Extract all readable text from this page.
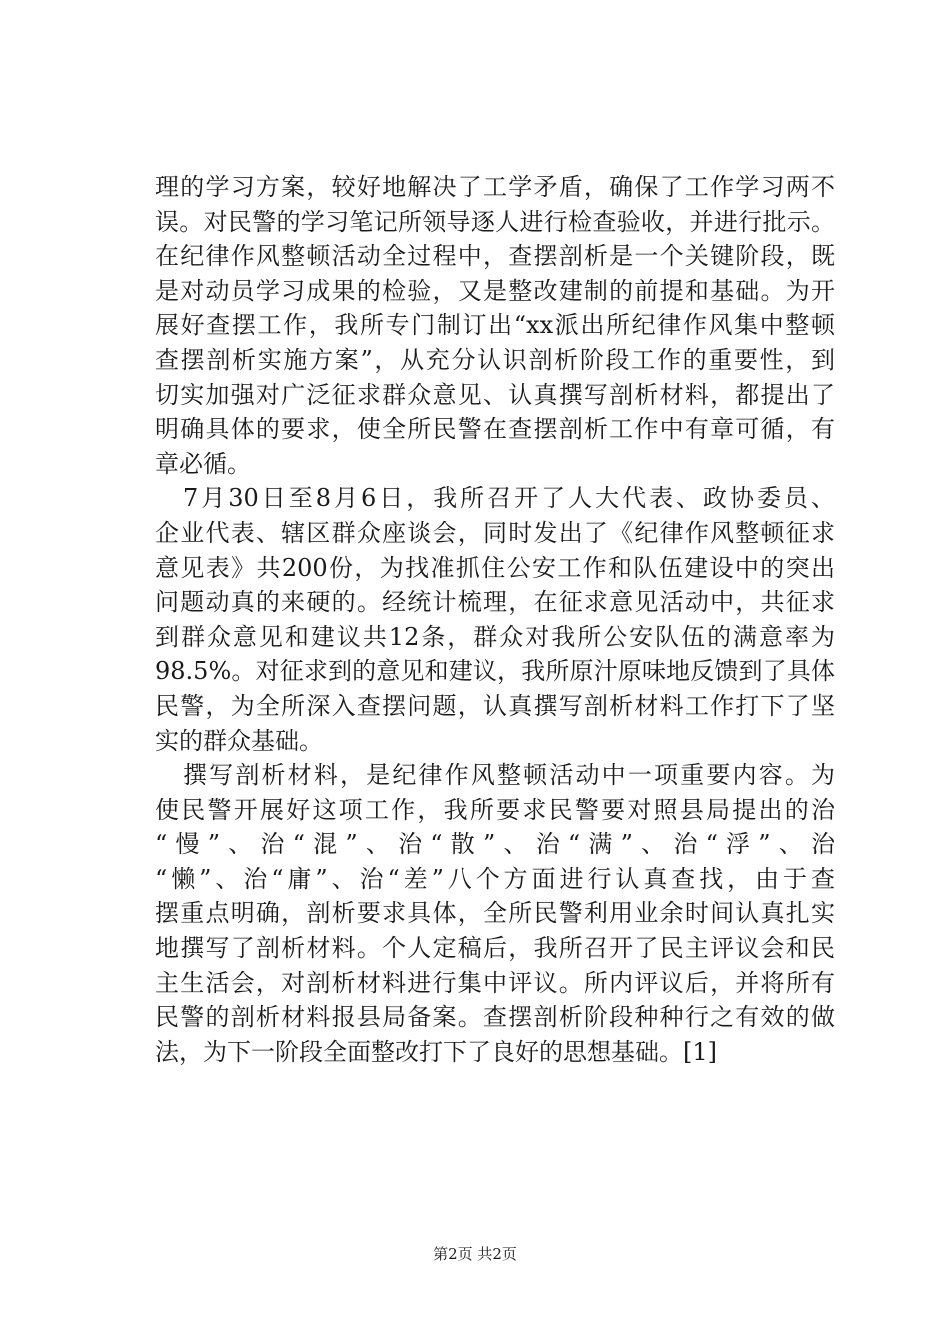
理的学习方案，较好地解决了工学矛盾，确保了工作学习两不
误。对民警的学习笔记所领导逐人进行检查验收，并进行批示。
在纪律作风整顿活动全过程中，查摆剖析是一个关键阶段，既
是对动员学习成果的检验，又是整改建制的前提和基础。为开
展好查摆工作，我所专门制订出“xx派出所纪律作风集中整顿
查摆剖析实施方案”，从充分认识剖析阶段工作的重要性，到
切实加强对广泛征求群众意见、认真撰写剖析材料，都提出了
明确具体的要求，使全所民警在查摆剖析工作中有章可循，有
章必循。
7月30日至8月6日，我所召开了人大代表、政协委员、
企业代表、辖区群众座谈会，同时发出了《纪律作风整顿征求
意见表》共200份，为找准抓住公安工作和队伍建设中的突出
问题动真的来硬的。经统计梳理，在征求意见活动中，共征求
到群众意见和建议共12条，群众对我所公安队伍的满意率为
98.5%。对征求到的意见和建议，我所原汁原味地反馈到了具体
民警，为全所深入查摆问题，认真撰写剖析材料工作打下了坚
实的群众基础。
撰写剖析材料，是纪律作风整顿活动中一项重要内容。为
使民警开展好这项工作，我所要求民警要对照县局提出的治
“慢”、治“混”、治“散”、治“满”、治“浮”、治
“懒”、治“庸”、治“差”八个方面进行认真查找，由于查
摆重点明确，剖析要求具体，全所民警利用业余时间认真扎实
地撰写了剖析材料。个人定稿后，我所召开了民主评议会和民
主生活会，对剖析材料进行集中评议。所内评议后，并将所有
民警的剖析材料报县局备案。查摆剖析阶段种种行之有效的做
法，为下一阶段全面整改打下了良好的思想基础。[1]
第2页 共2页
